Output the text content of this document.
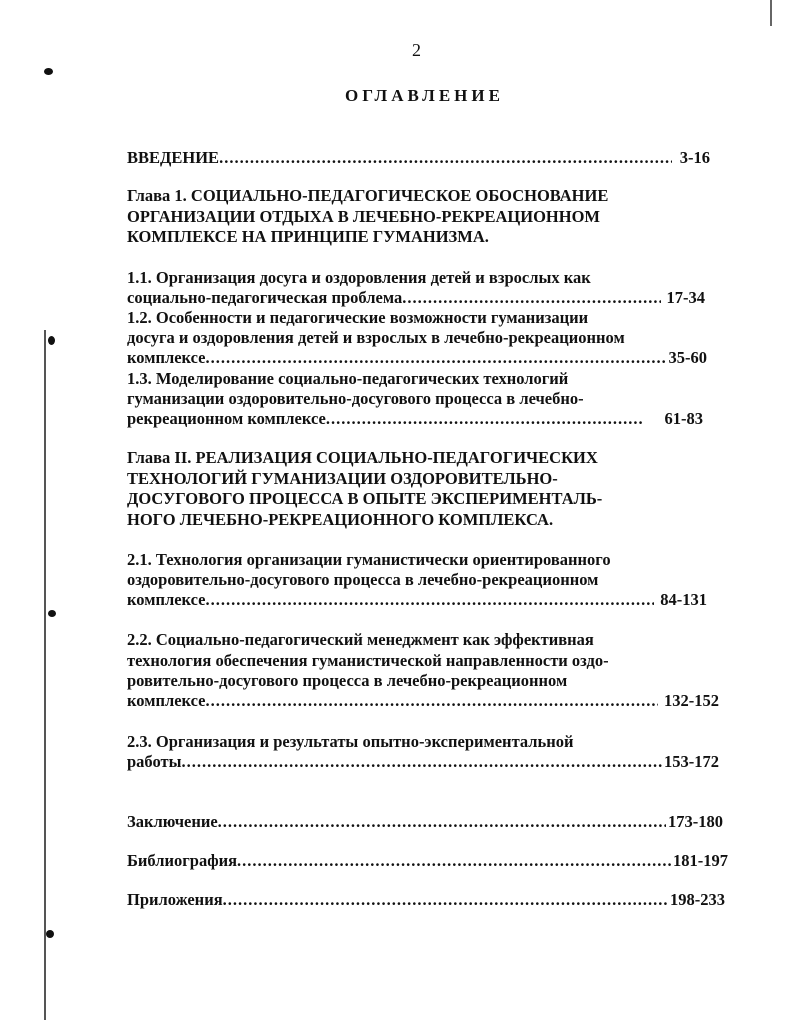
2
ОГЛАВЛЕНИЕ
ВВЕДЕНИЕ .....	3-16
Глава 1. СОЦИАЛЬНО-ПЕДАГОГИЧЕСКОЕ ОБОСНОВАНИЕ
ОРГАНИЗАЦИИ ОТДЫХА В ЛЕЧЕБНО-РЕКРЕАЦИОННОМ
КОМПЛЕКСЕ НА ПРИНЦИПЕ ГУМАНИЗМА.
1.1. Организация досуга и оздоровления детей и взрослых как
социально-педагогическая проблема .....	17-34
1.2. Особенности и педагогические возможности гуманизации
досуга и оздоровления детей и взрослых в лечебно-рекреационном
комплексе .....	35-60
1.3. Моделирование социально-педагогических технологий
гуманизации оздоровительно-досугового процесса в лечебно-
рекреационном комплексе .....	61-83
Глава II. РЕАЛИЗАЦИЯ СОЦИАЛЬНО-ПЕДАГОГИЧЕСКИХ
ТЕХНОЛОГИЙ ГУМАНИЗАЦИИ ОЗДОРОВИТЕЛЬНО-
ДОСУГОВОГО ПРОЦЕССА В ОПЫТЕ ЭКСПЕРИМЕНТАЛЬ-
НОГО ЛЕЧЕБНО-РЕКРЕАЦИОННОГО КОМПЛЕКСА.
2.1. Технология организации гуманистически ориентированного
оздоровительно-досугового процесса в лечебно-рекреационном
комплексе .....	84-131
2.2. Социально-педагогический менеджмент как эффективная
технология обеспечения гуманистической направленности оздо-
ровительно-досугового процесса в лечебно-рекреационном
комплексе .....	132-152
2.3. Организация и результаты опытно-экспериментальной
работы .....	153-172
Заключение .....	173-180
Библиография .....	181-197
Приложения .....	198-233
